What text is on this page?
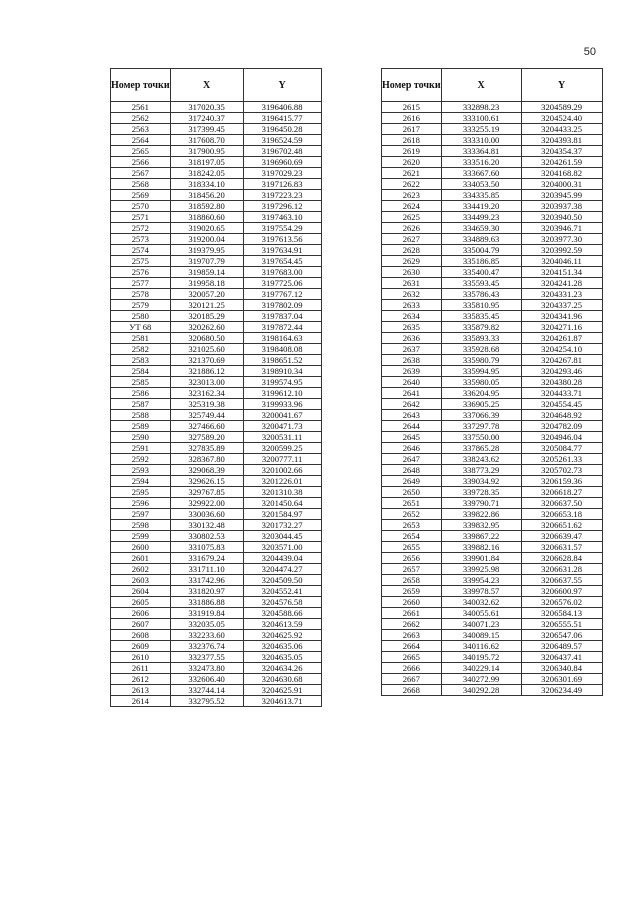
50
Номер точки	X	Y
2561	317020.35	3196406.88
2562	317240.37	3196415.77
2563	317399.45	3196450.28
2564	317608.70	3196524.59
2565	317900.95	3196702.48
2566	318197.05	3196960.69
2567	318242.05	3197029.23
2568	318334.10	3197126.83
2569	318456.20	3197223.23
2570	318592.80	3197296.12
2571	318860.60	3197463.10
2572	319020.65	3197554.29
2573	319200.04	3197613.56
2574	319379.95	3197634.91
2575	319707.79	3197654.45
2576	319859.14	3197683.00
2577	319958.18	3197725.06
2578	320057.20	3197767.12
2579	320121.25	3197802.09
2580	320185.29	3197837.04
УТ 68	320262.60	3197872.44
2581	320680.50	3198164.63
2582	321025.60	3198408.08
2583	321370.69	3198651.52
2584	321886.12	3198910.34
2585	323013.00	3199574.95
2586	323162.34	3199612.10
2587	325319.38	3199933.96
2588	325749.44	3200041.67
2589	327466.60	3200471.73
2590	327589.20	3200531.11
2591	327835.89	3200599.25
2592	328367.80	3200777.11
2593	329068.39	3201002.66
2594	329626.15	3201226.01
2595	329767.85	3201310.38
2596	329922.00	3201450.64
2597	330036.60	3201584.97
2598	330132.48	3201732.27
2599	330802.53	3203044.45
2600	331075.83	3203571.00
2601	331679.24	3204439.04
2602	331711.10	3204474.27
2603	331742.96	3204509.50
2604	331820.97	3204552.41
2605	331886.88	3204576.58
2606	331919.84	3204588.66
2607	332035.05	3204613.59
2608	332233.60	3204625.92
2609	332376.74	3204635.06
2610	332377.55	3204635.05
2611	332473.80	3204634.26
2612	332606.40	3204630.68
2613	332744.14	3204625.91
2614	332795.52	3204613.71
Номер точки	X	Y
2615	332898.23	3204589.29
2616	333100.61	3204524.40
2617	333255.19	3204433.25
2618	333310.00	3204393.81
2619	333364.81	3204354.37
2620	333516.20	3204261.59
2621	333667.60	3204168.82
2622	334053.50	3204000.31
2623	334335.85	3203945.99
2624	334419.20	3203937.38
2625	334499.23	3203940.50
2626	334659.30	3203946.71
2627	334889.63	3203977.30
2628	335004.79	3203992.59
2629	335186.85	3204046.11
2630	335400.47	3204151.34
2631	335593.45	3204241.28
2632	335786.43	3204331.23
2633	335810.95	3204337.25
2634	335835.45	3204341.96
2635	335879.82	3204271.16
2636	335893.33	3204261.87
2637	335928.68	3204254.10
2638	335980.79	3204267.81
2639	335994.95	3204293.46
2640	335980.05	3204380.28
2641	336204.95	3204433.71
2642	336905.25	3204554.45
2643	337066.39	3204648.92
2644	337297.78	3204782.09
2645	337550.00	3204946.04
2646	337865.28	3205084.77
2647	338243.62	3205261.33
2648	338773.29	3205702.73
2649	339034.92	3206159.36
2650	339728.35	3206618.27
2651	339790.71	3206637.50
2652	339822.86	3206653.18
2653	339832.95	3206651.62
2654	339867.22	3206639.47
2655	339882.16	3206631.57
2656	339901.84	3206628.84
2657	339925.98	3206631.28
2658	339954.23	3206637.55
2659	339978.57	3206600.97
2660	340032.62	3206576.02
2661	340055.61	3206584.13
2662	340071.23	3206555.51
2663	340089.15	3206547.06
2664	340116.62	3206489.57
2665	340195.72	3206437.41
2666	340229.14	3206340.84
2667	340272.99	3206301.69
2668	340292.28	3206234.49
